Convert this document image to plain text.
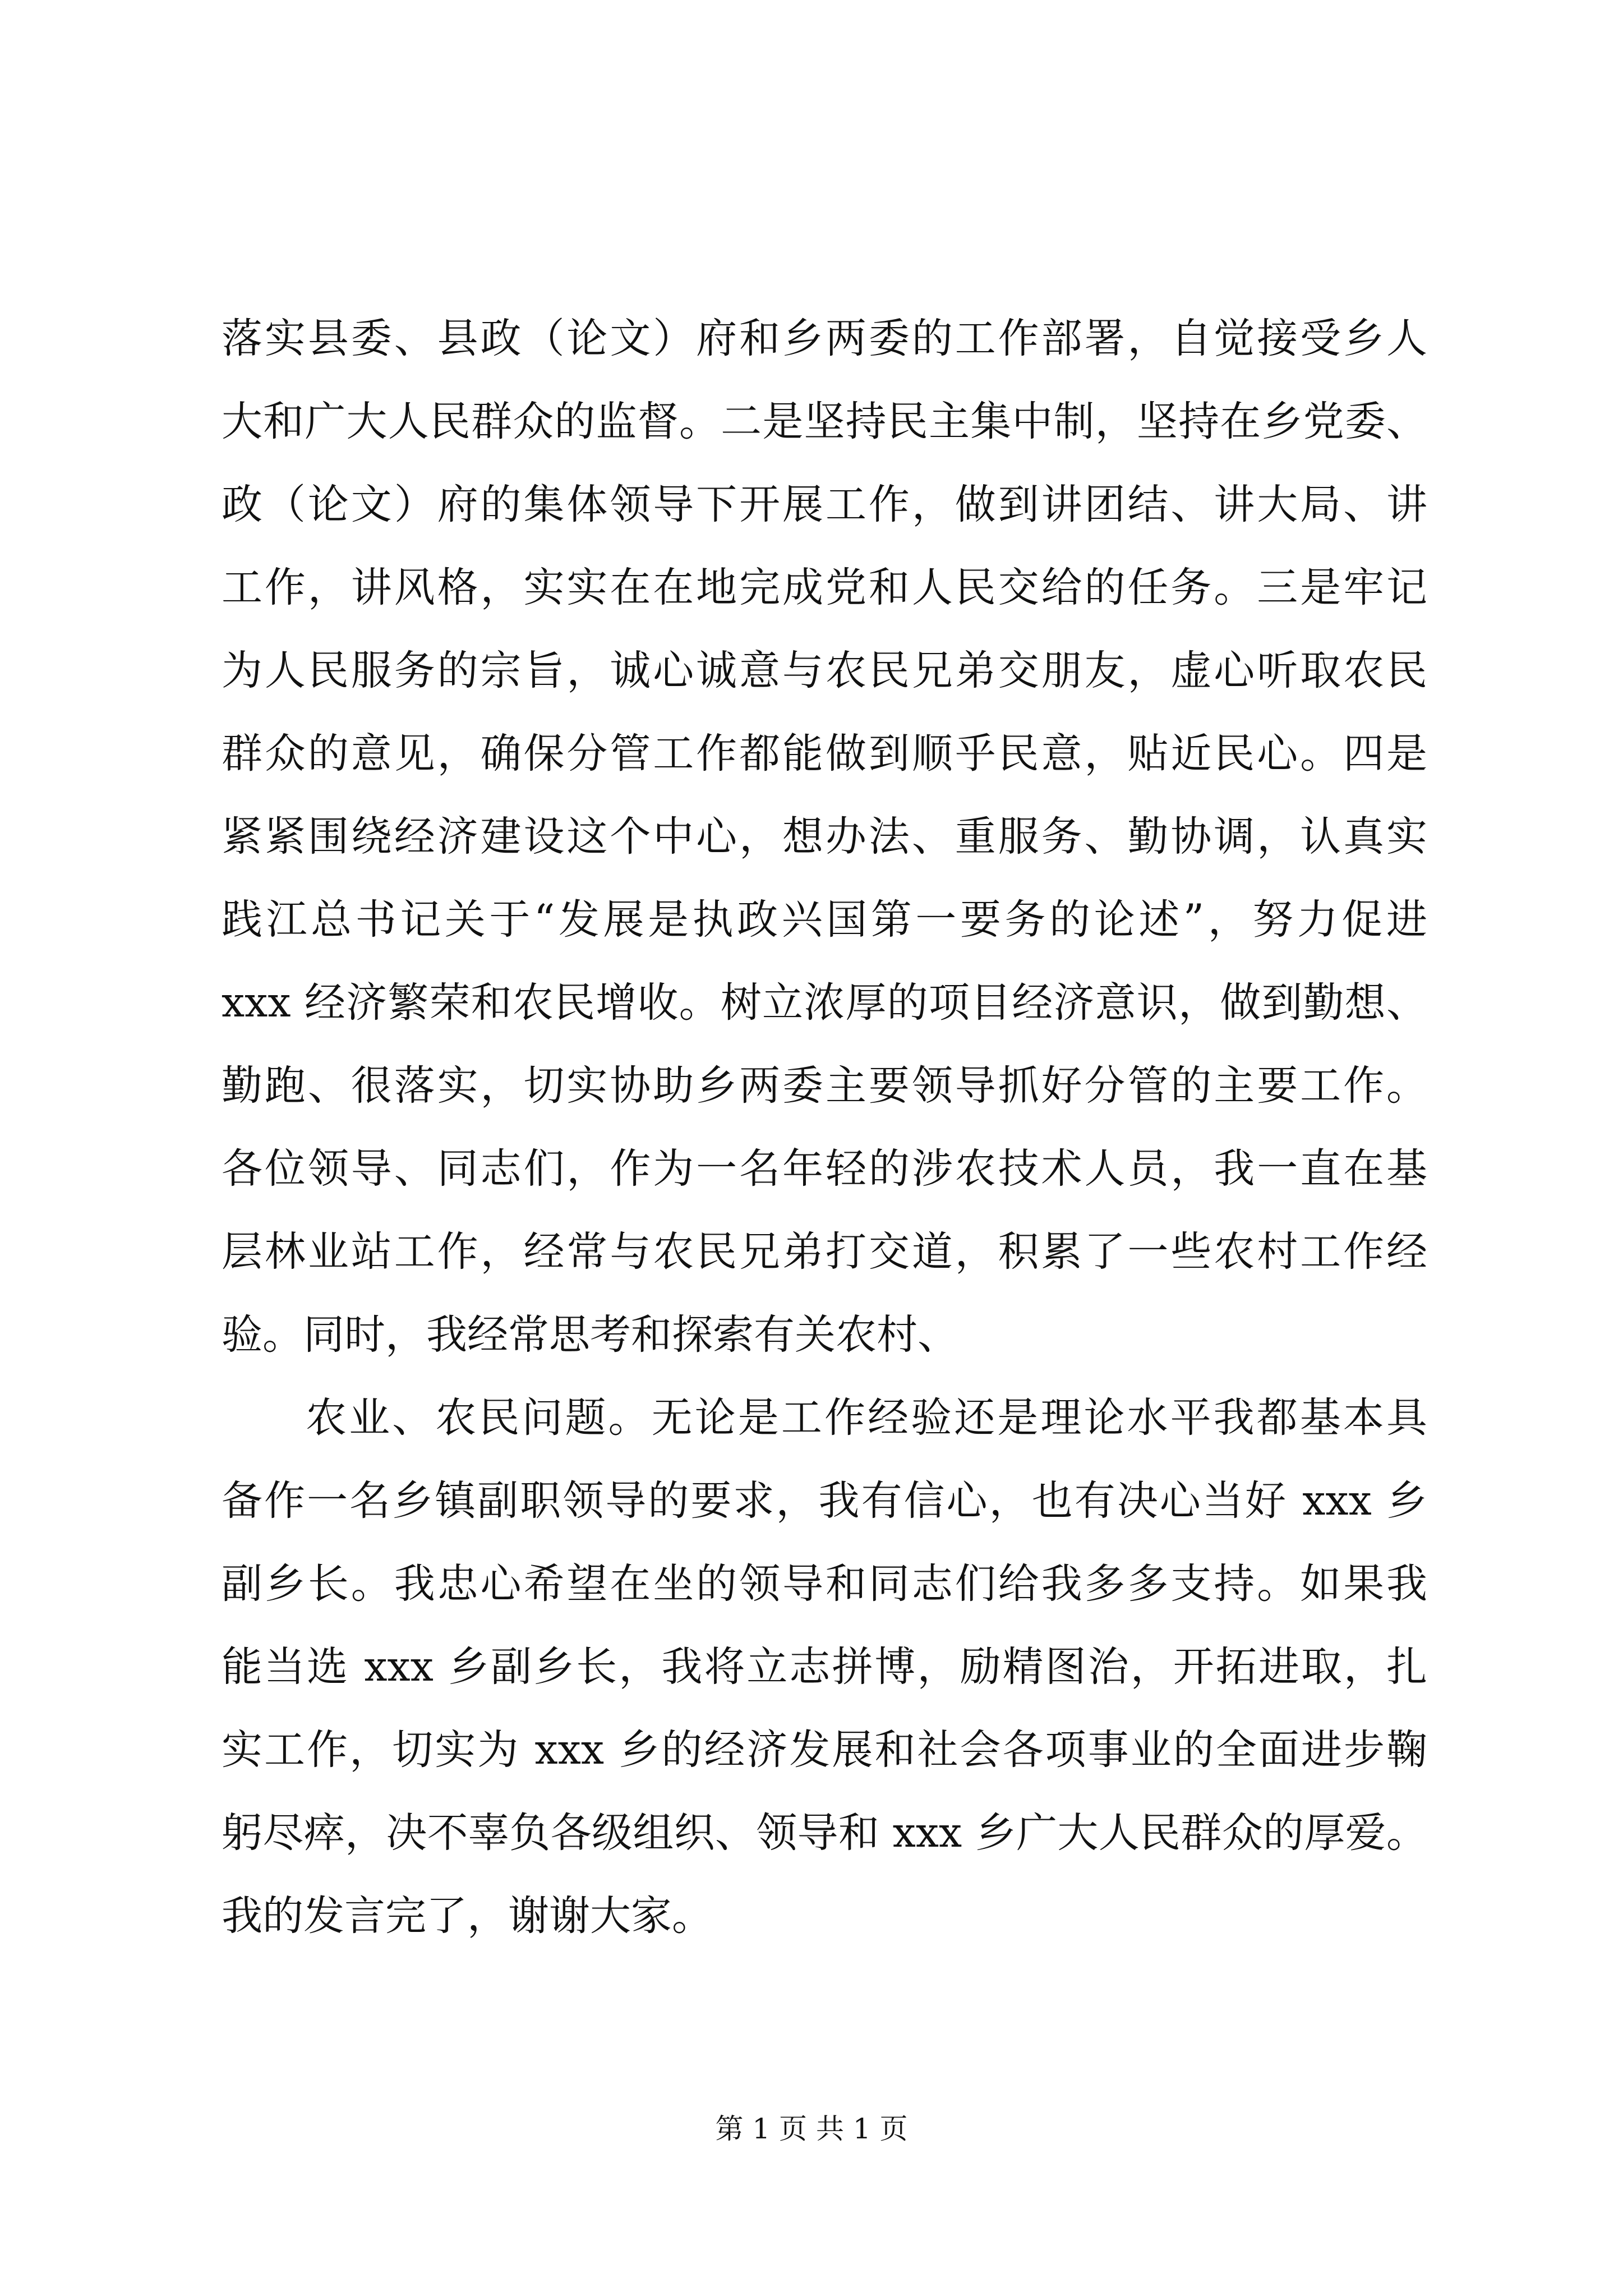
落实县委、县政（论文）府和乡两委的工作部署，自觉接受乡人
大和广大人民群众的监督。二是坚持民主集中制，坚持在乡党委、
政（论文）府的集体领导下开展工作，做到讲团结、讲大局、讲
工作，讲风格，实实在在地完成党和人民交给的任务。三是牢记
为人民服务的宗旨，诚心诚意与农民兄弟交朋友，虚心听取农民
群众的意见，确保分管工作都能做到顺乎民意，贴近民心。四是
紧紧围绕经济建设这个中心，想办法、重服务、勤协调，认真实
践江总书记关于“发展是执政兴国第一要务的论述”，努力促进
xxx 经济繁荣和农民增收。树立浓厚的项目经济意识，做到勤想、
勤跑、很落实，切实协助乡两委主要领导抓好分管的主要工作。
各位领导、同志们，作为一名年轻的涉农技术人员，我一直在基
层林业站工作，经常与农民兄弟打交道，积累了一些农村工作经
验。同时，我经常思考和探索有关农村、
农业、农民问题。无论是工作经验还是理论水平我都基本具
备作一名乡镇副职领导的要求，我有信心，也有决心当好 xxx 乡
副乡长。我忠心希望在坐的领导和同志们给我多多支持。如果我
能当选 xxx 乡副乡长，我将立志拼博，励精图治，开拓进取，扎
实工作，切实为 xxx 乡的经济发展和社会各项事业的全面进步鞠
躬尽瘁，决不辜负各级组织、领导和 xxx 乡广大人民群众的厚爱。
我的发言完了，谢谢大家。
第 1 页 共 1 页
